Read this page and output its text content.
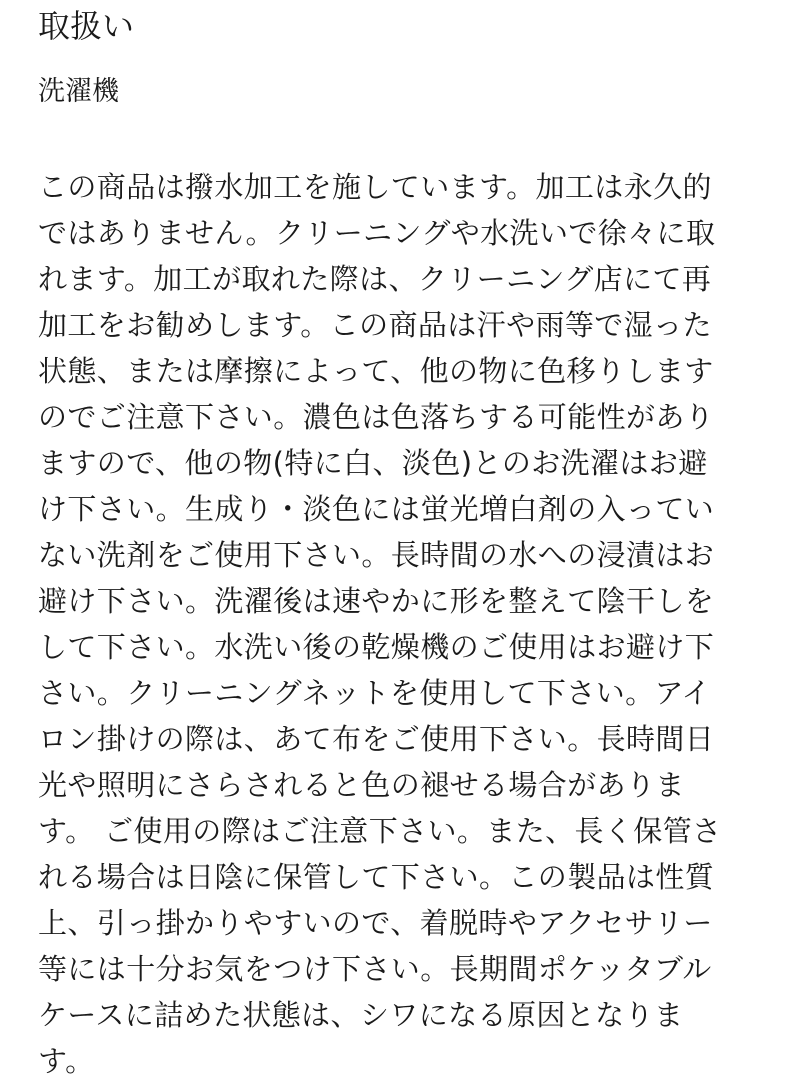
取扱い
洗濯機
この商品は撥水加工を施しています。加工は永久的
ではありません。クリーニングや水洗いで徐々に取
れます。加工が取れた際は、クリーニング店にて再
加工をお勧めします。この商品は汗や雨等で湿った
状態、または摩擦によって、他の物に色移りします
のでご注意下さい。濃色は色落ちする可能性があり
ますので、他の物(特に白、淡色)とのお洗濯はお避
け下さい。生成り・淡色には蛍光増白剤の入ってい
ない洗剤をご使用下さい。長時間の水への浸漬はお
避け下さい。洗濯後は速やかに形を整えて陰干しを
して下さい。水洗い後の乾燥機のご使用はお避け下
さい。クリーニングネットを使用して下さい。アイ
ロン掛けの際は、あて布をご使用下さい。長時間日
光や照明にさらされると色の褪せる場合がありま
す。 ご使用の際はご注意下さい。また、長く保管さ
れる場合は日陰に保管して下さい。この製品は性質
上、引っ掛かりやすいので、着脱時やアクセサリー
等には十分お気をつけ下さい。長期間ポケッタブル
ケースに詰めた状態は、シワになる原因となりま
す。
